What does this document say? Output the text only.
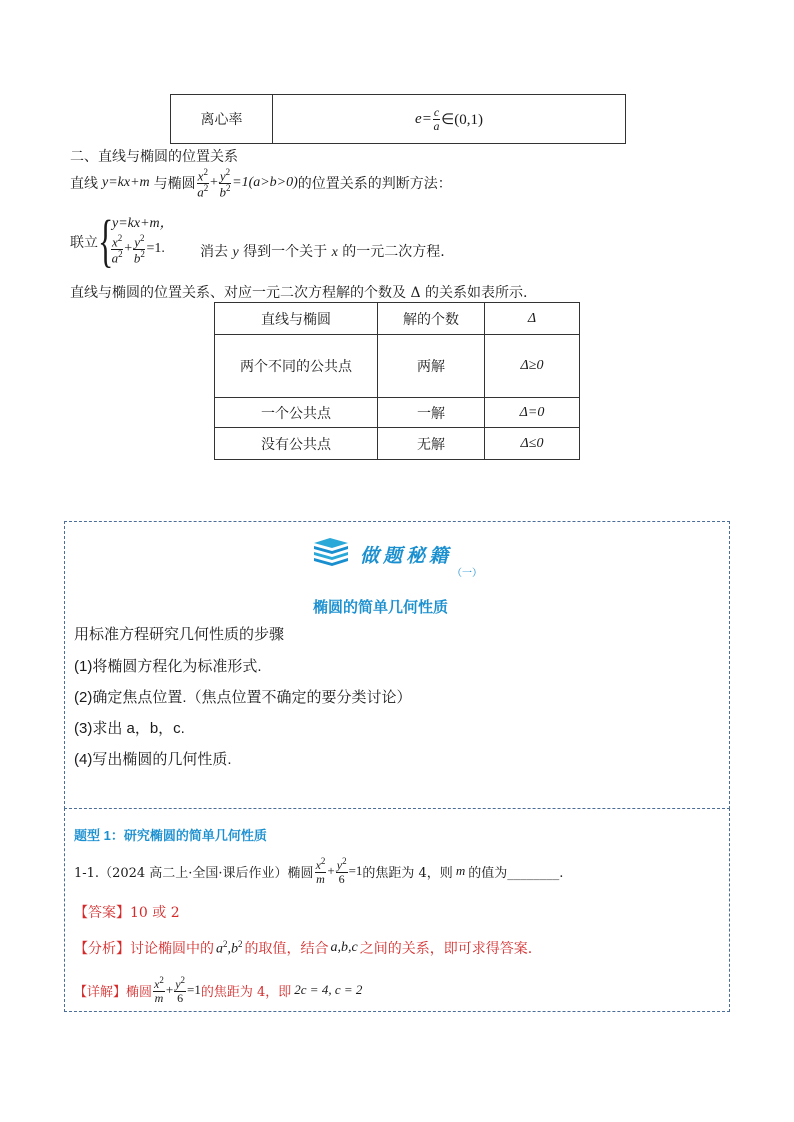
离心率	$e= \frac{c}{a}$ ∈(0,1)
二、直线与椭圆的位置关系
直线 y=kx+m 与椭圆 $\frac{x^2}{a^2} + \frac{y^2}{b^2} =1(a>b>0)$ 的位置关系的判断方法：
联立 {
y=kx+m，
$\frac{x^2}{a^2} + \frac{y^2}{b^2} =1$.	消去 y 得到一个关于 x 的一元二次方程.
直线与椭圆的位置关系、对应一元二次方程解的个数及 Δ 的关系如表所示.
直线与椭圆	解的个数	Δ
两个不同的公共点	两解	Δ≥0
一个公共点	一解	Δ=0
没有公共点	无解	Δ≤0
做题秘籍
（一）
椭圆的简单几何性质
用标准方程研究几何性质的步骤
(1)将椭圆方程化为标准形式.
(2)确定焦点位置.（焦点位置不确定的要分类讨论）
(3)求出 a，b，c.
(4)写出椭圆的几何性质.
题型 1：研究椭圆的简单几何性质
1-1.（2024 高二上·全国·课后作业）椭圆 $\frac{x^2}{m} + \frac{y^2}{6} =1$ 的焦距为 4，则 m 的值为________.
【答案】10 或 2
【分析】 讨论椭圆中的 $a^2,b^2$ 的取值，结合 a,b,c 之间的关系，即可求得答案.
【详解】 椭圆 $\frac{x^2}{m} + \frac{y^2}{6} =1$ 的焦距为 4，即 2c = 4, c = 2
